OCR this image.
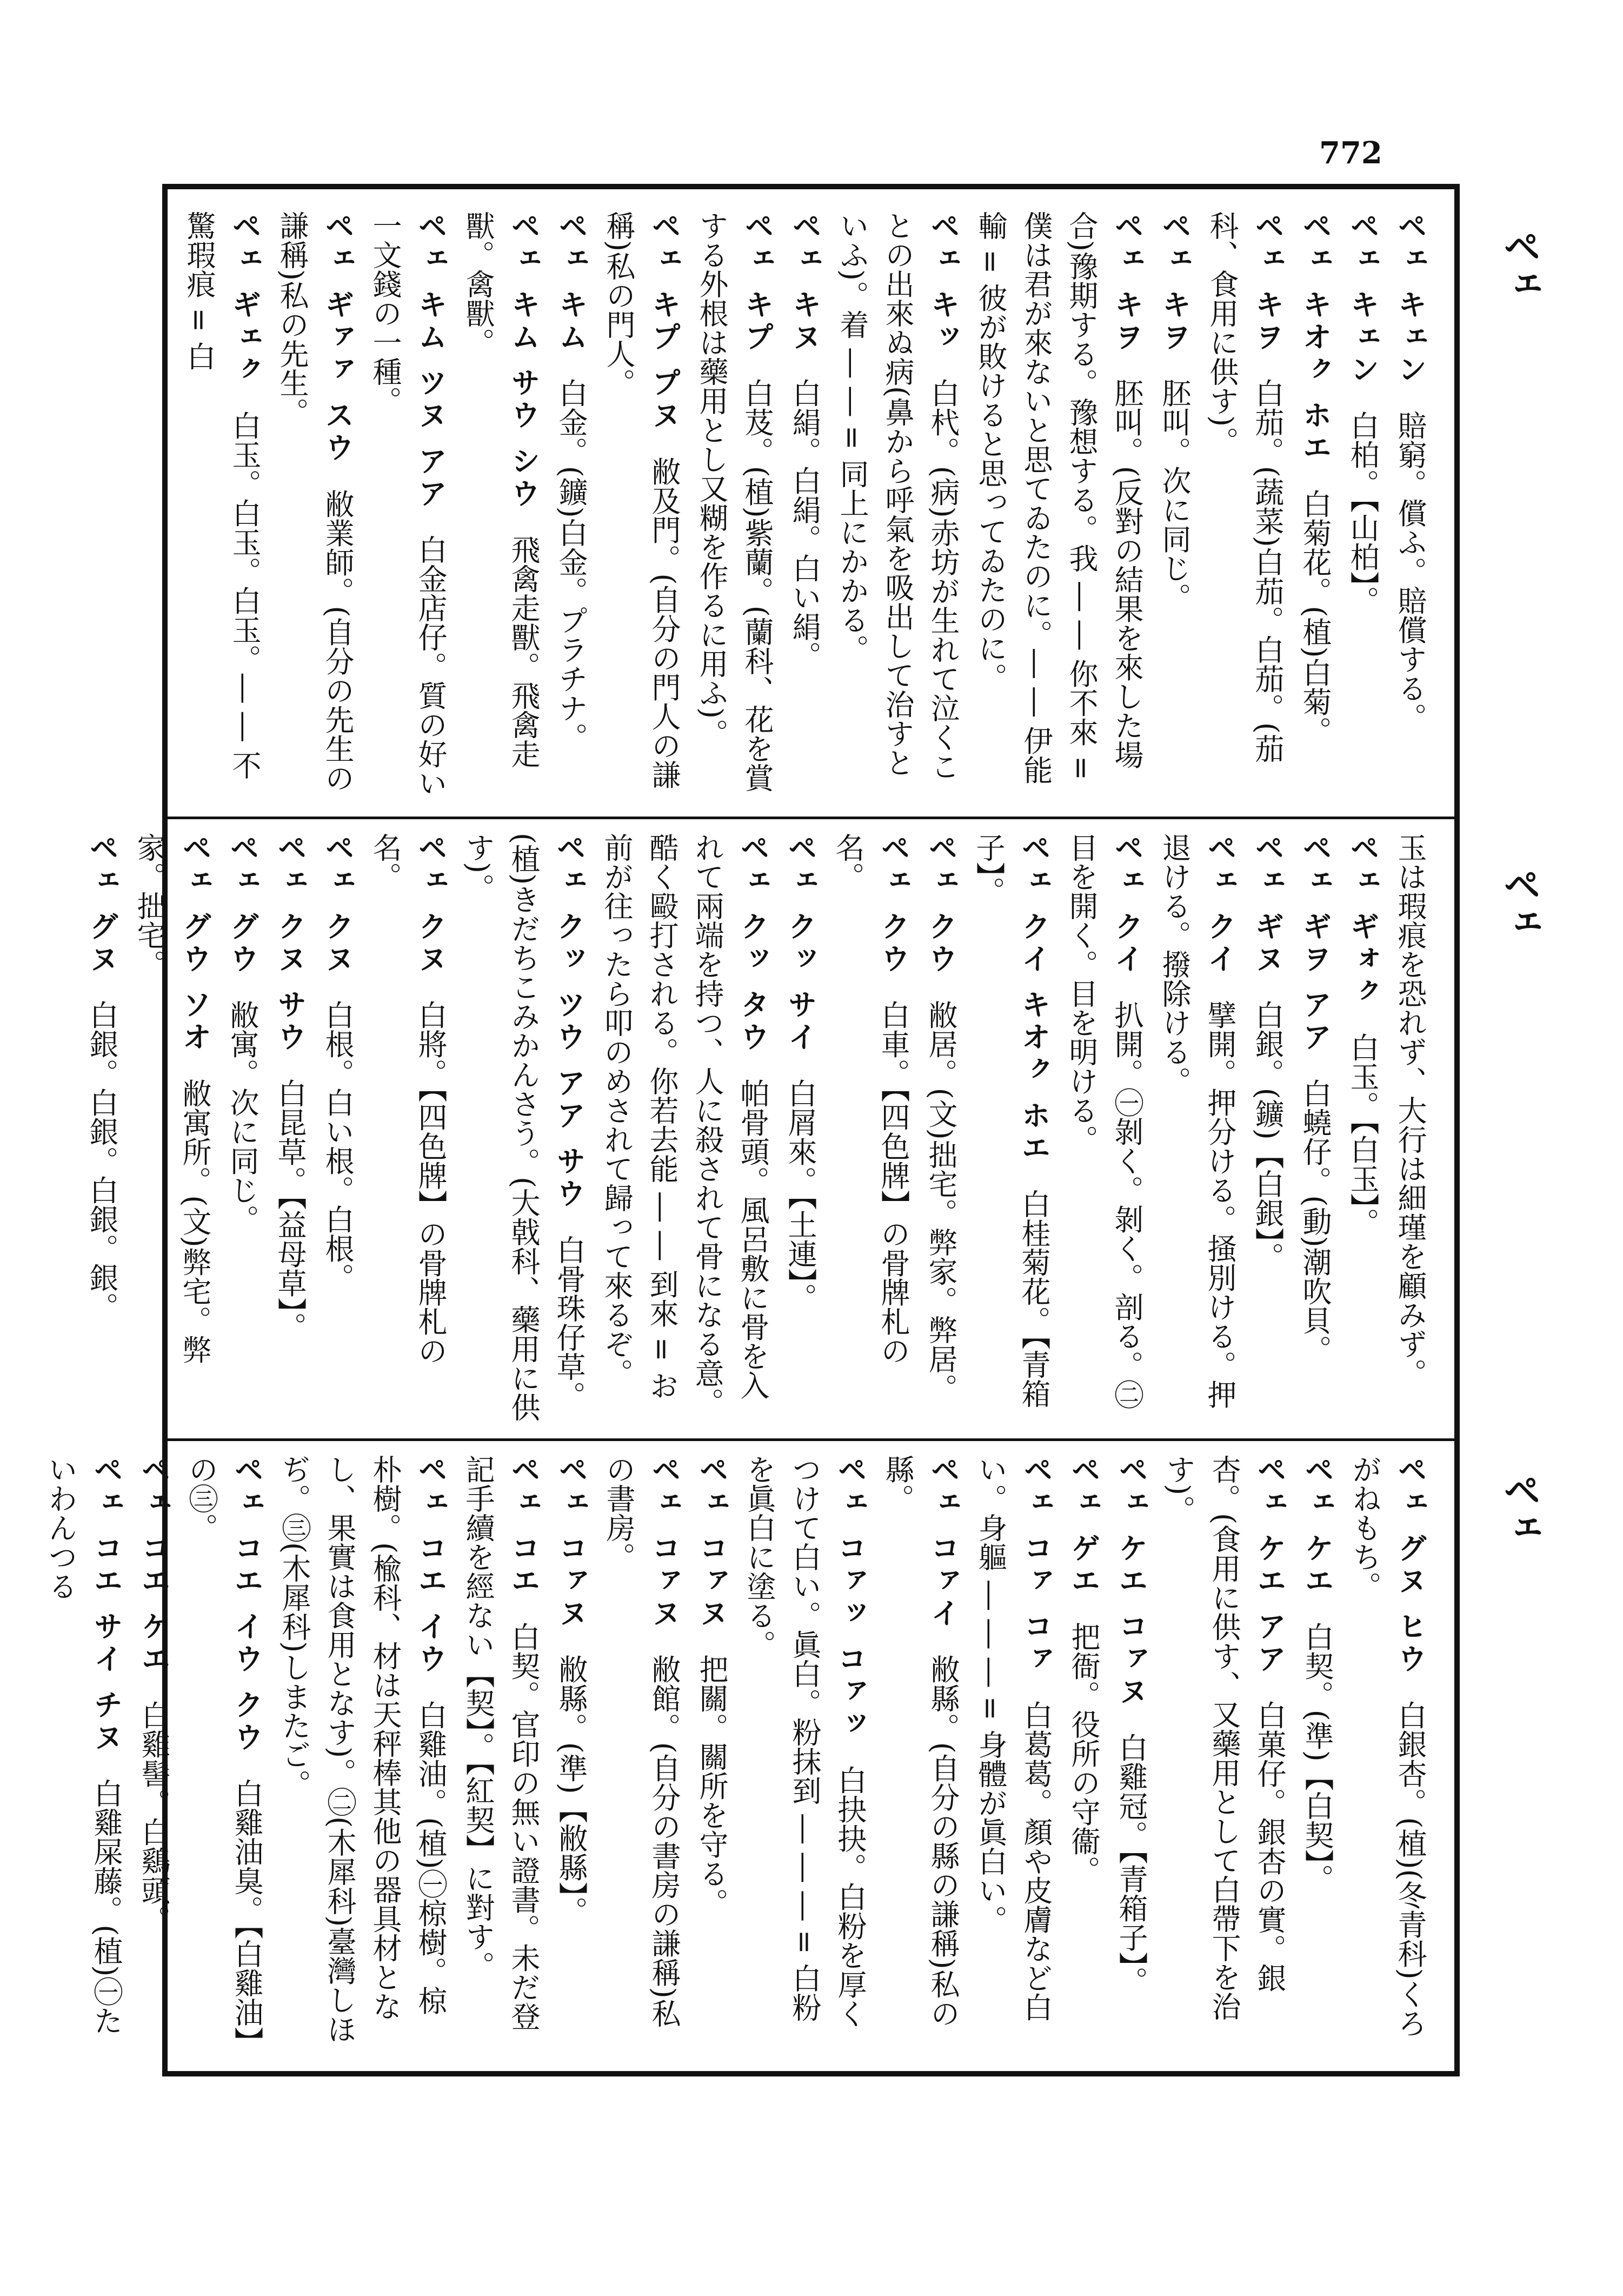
772
ペェ
ペェ
ペェ
ペェ キェン 賠窮。償ふ。賠償する。
ペェ キェン 白柏。【山柏】。
ペェ キオㇰ ホエ 白菊花。(植)白菊。
ペェ キヲ 白茄。(蔬菜)白茄。白茄。(茄科、食用に供す)。
ペェ キヲ 胚叫。次に同じ。
ペェ キヲ 胚叫。(反對の結果を來した場合)豫期する。豫想する。我 ― ― 你不來 = 僕は君が來ないと思てゐたのに。― ― 伊能輸 = 彼が敗けると思ってゐたのに。
ペェ キッ 白杙。(病)赤坊が生れて泣くことの出來ぬ病(鼻から呼氣を吸出して治すといふ)。着 ― ― = 同上にかかる。
ペェ キヌ 白絹。白絹。白い絹。
ペェ キプ 白芨。(植)紫蘭。(蘭科、花を賞する外根は藥用とし又糊を作るに用ふ)。
ペェ キプ プヌ 敝及門。(自分の門人の謙稱)私の門人。
ペェ キム 白金。(鑛)白金。プラチナ。
ペェ キム サウ シウ 飛禽走獸。飛禽走獸。禽獸。
ペェ キム ツヌ アア 白金店仔。質の好い一文錢の一種。
ペェ ギァァ スウ 敝業師。(自分の先生の謙稱)私の先生。
ペェ ギェㇰ 白玉。白玉。白玉。― ― 不驚瑕痕 = 白
玉は瑕痕を恐れず、大行は細瑾を顧みず。
ペェ ギォㇰ 白玉。【白玉】。
ペェ ギヲ アア 白蟯仔。(動)潮吹貝。
ペェ ギヌ 白銀。(鑛)【白銀】。
ペェ クイ 擘開。押分ける。掻別ける。押退ける。撥除ける。
ペェ クイ 扒開。㊀剝く。剝く。剖る。㊁目を開く。目を明ける。
ペェ クイ キオㇰ ホエ 白桂菊花。【青箱子】。
ペェ クウ 敝居。(文)拙宅。弊家。弊居。
ペェ クウ 白車。【四色牌】の骨牌札の名。
ペェ クッ サイ 白屑來。【土連】。
ペェ クッ タウ 帕骨頭。風呂敷に骨を入れて兩端を持つ、人に殺されて骨になる意。酷く毆打される。你若去能 ― ― 到來 = お前が往ったら叩のめされて歸って來るぞ。
ペェ クッ ツウ アア サウ 白骨珠仔草。(植)きだちこみかんさう。(大戟科、藥用に供す)。
ペェ クヌ 白將。【四色牌】の骨牌札の名。
ペェ クヌ 白根。白い根。白根。
ペェ クヌ サウ 白昆草。【益母草】。
ペェ グウ 敝寓。次に同じ。
ペェ グウ ソオ 敝寓所。(文)弊宅。弊家。拙宅。
ペェ グヌ 白銀。白銀。白銀。銀。
ペェ グヌ ヒウ 白銀杏。(植)(冬青科)くろがねもち。
ペェ ケエ 白契。(準)【白契】。
ペェ ケエ アア 白菓仔。銀杏の實。銀杏。(食用に供す、又藥用として白帶下を治す)。
ペェ ケエ コァヌ 白雞冠。【青箱子】。
ペェ ゲエ 把衙。役所の守衞。
ペェ コァ コァ 白葛葛。顏や皮膚など白い。身軀 ― ― ― = 身體が眞白い。
ペェ コァイ 敝縣。(自分の縣の謙稱)私の縣。
ペェ コァッ コァッ 白抉抉。白粉を厚くつけて白い。眞白。粉抹到 ― ― ― = 白粉を眞白に塗る。
ペェ コァヌ 把關。關所を守る。
ペェ コァヌ 敝館。(自分の書房の謙稱)私の書房。
ペェ コァヌ 敝縣。(準)【敝縣】。
ペェ コエ 白契。官印の無い證書。未だ登記手續を經ない【契】。【紅契】に對す。
ペェ コエ イウ 白雞油。(植)㊀椋樹。椋朴樹。(楡科、材は天秤棒其他の器具材となし、果實は食用となす)。㊁(木犀科)臺灣しほぢ。㊂(木犀科)しまたご。
ペェ コエ イウ クウ 白雞油臭。【白雞油】の㊂。
ペェ コエ ケエ 白雞髻。白鷄頭。
ペェ コエ サイ チヌ 白雞屎藤。(植)㊀たいわんつる
